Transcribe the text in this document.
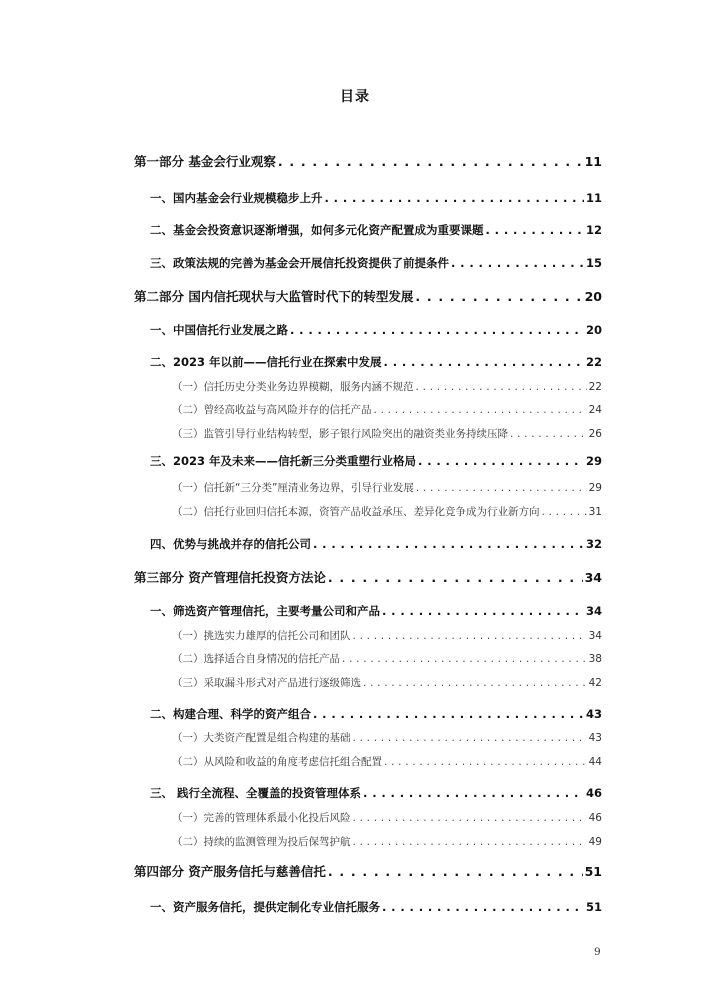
目录
第一部分 基金会行业观察 . . .	11
一、国内基金会行业规模稳步上升 . . .	11
二、基金会投资意识逐渐增强，如何多元化资产配置成为重要课题 . . .	12
三、政策法规的完善为基金会开展信托投资提供了前提条件 . . .	15
第二部分 国内信托现状与大监管时代下的转型发展 . . .	20
一、中国信托行业发展之路 . . .	20
二、2023 年以前——信托行业在探索中发展 . . .	22
（一）信托历史分类业务边界模糊，服务内涵不规范 . . .	22
（二）曾经高收益与高风险并存的信托产品 . . .	24
（三）监管引导行业结构转型，影子银行风险突出的融资类业务持续压降 . . .	26
三、2023 年及未来——信托新三分类重塑行业格局 . . .	29
（一）信托新“三分类”厘清业务边界，引导行业发展 . . .	29
（二）信托行业回归信托本源，资管产品收益承压、差异化竞争成为行业新方向 . . .	31
四、优势与挑战并存的信托公司 . . .	32
第三部分 资产管理信托投资方法论 . . .	34
一、筛选资产管理信托，主要考量公司和产品 . . .	34
（一）挑选实力雄厚的信托公司和团队 . . .	34
（二）选择适合自身情况的信托产品 . . .	38
（三）采取漏斗形式对产品进行逐级筛选 . . .	42
二、构建合理、科学的资产组合 . . .	43
（一）大类资产配置是组合构建的基础 . . .	43
（二）从风险和收益的角度考虑信托组合配置 . . .	44
三、 践行全流程、全覆盖的投资管理体系 . . .	46
（一）完善的管理体系最小化投后风险 . . .	46
（二）持续的监测管理为投后保驾护航 . . .	49
第四部分 资产服务信托与慈善信托 . . .	51
一、资产服务信托，提供定制化专业信托服务 . . .	51
9
